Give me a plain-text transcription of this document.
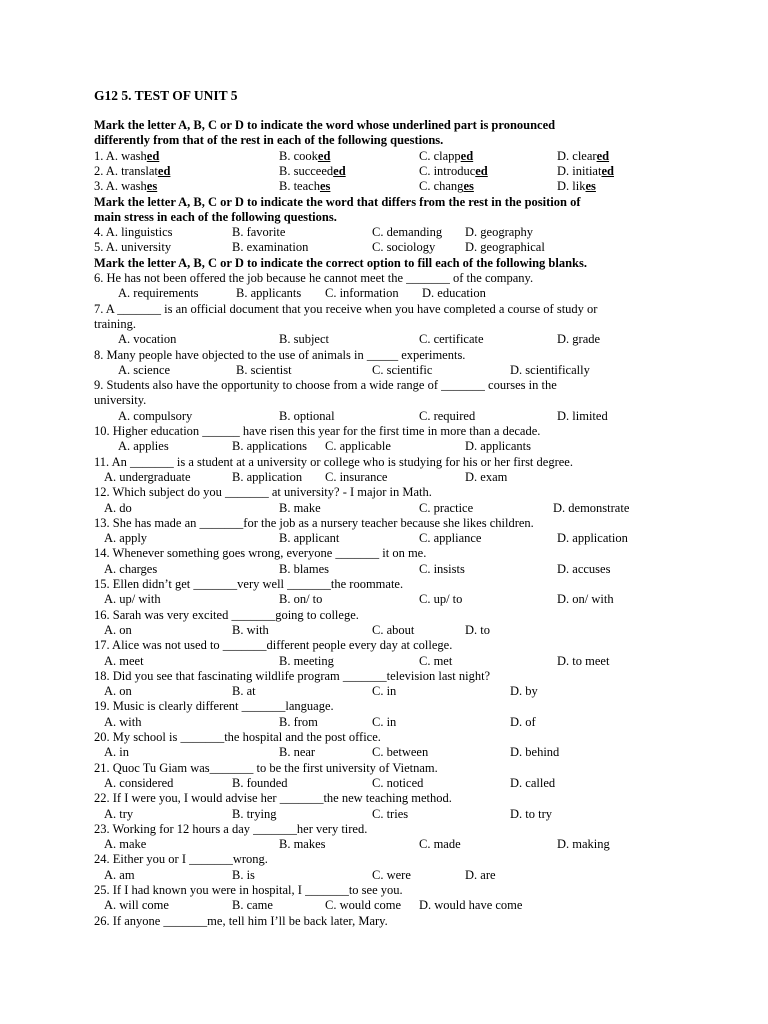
G12 5. TEST OF UNIT 5
Mark the letter A, B, C or D to indicate the word whose underlined part is pronounced
differently from that of the rest in each of the following questions.
1. A. washed	B. cooked	C. clapped	D. cleared
2. A. translated	B. succeeded	C. introduced	D. initiated
3. A. washes	B. teaches	C. changes	D. likes
Mark the letter A, B, C or D to indicate the word that differs from the rest in the position of
main stress in each of the following questions.
4. A. linguistics	B. favorite	C. demanding D. geography
5. A. university	B. examination	C. sociology D. geographical
Mark the letter A, B, C or D to indicate the correct option to fill each of the following blanks.
6. He has not been offered the job because he cannot meet the _______ of the company.
A. requirements	B. applicants C. information D. education
7. A _______ is an official document that you receive when you have completed a course of study or
training.
A. vocation	B. subject	C. certificate	D. grade
8. Many people have objected to the use of animals in _____ experiments.
A. science	B. scientist	C. scientific	D. scientifically
9. Students also have the opportunity to choose from a wide range of _______ courses in the
university.
A. compulsory	B. optional	C. required	D. limited
10. Higher education ______ have risen this year for the first time in more than a decade.
A. applies	B. applications C. applicable	D. applicants
11. An _______ is a student at a university or college who is studying for his or her first degree.
A. undergraduate	B. application C. insurance	D. exam
12. Which subject do you _______ at university? - I major in Math.
A. do	B. make	C. practice	D. demonstrate
13. She has made an _______for the job as a nursery teacher because she likes children.
A. apply	B. applicant	C. appliance	D. application
14. Whenever something goes wrong, everyone _______ it on me.
A. charges	B. blames	C. insists	D. accuses
15. Ellen didn’t get _______very well _______the roommate.
A. up/ with	B. on/ to	C. up/ to	D. on/ with
16. Sarah was very excited _______going to college.
A. on	B. with	C. about	D. to
17. Alice was not used to _______different people every day at college.
A. meet	B. meeting	C. met	D. to meet
18. Did you see that fascinating wildlife program _______television last night?
A. on	B. at	C. in	D. by
19. Music is clearly different _______language.
A. with	B. from	C. in	D. of
20. My school is _______the hospital and the post office.
A. in	B. near	C. between	D. behind
21. Quoc Tu Giam was_______ to be the first university of Vietnam.
A. considered	B. founded	C. noticed	D. called
22. If I were you, I would advise her _______the new teaching method.
A. try	B. trying	C. tries	D. to try
23. Working for 12 hours a day _______her very tired.
A. make	B. makes	C. made	D. making
24. Either you or I _______wrong.
A. am	B. is	C. were	D. are
25. If I had known you were in hospital, I _______to see you.
A. will come	B. came	C. would come D. would have come
26. If anyone _______me, tell him I’ll be back later, Mary.
